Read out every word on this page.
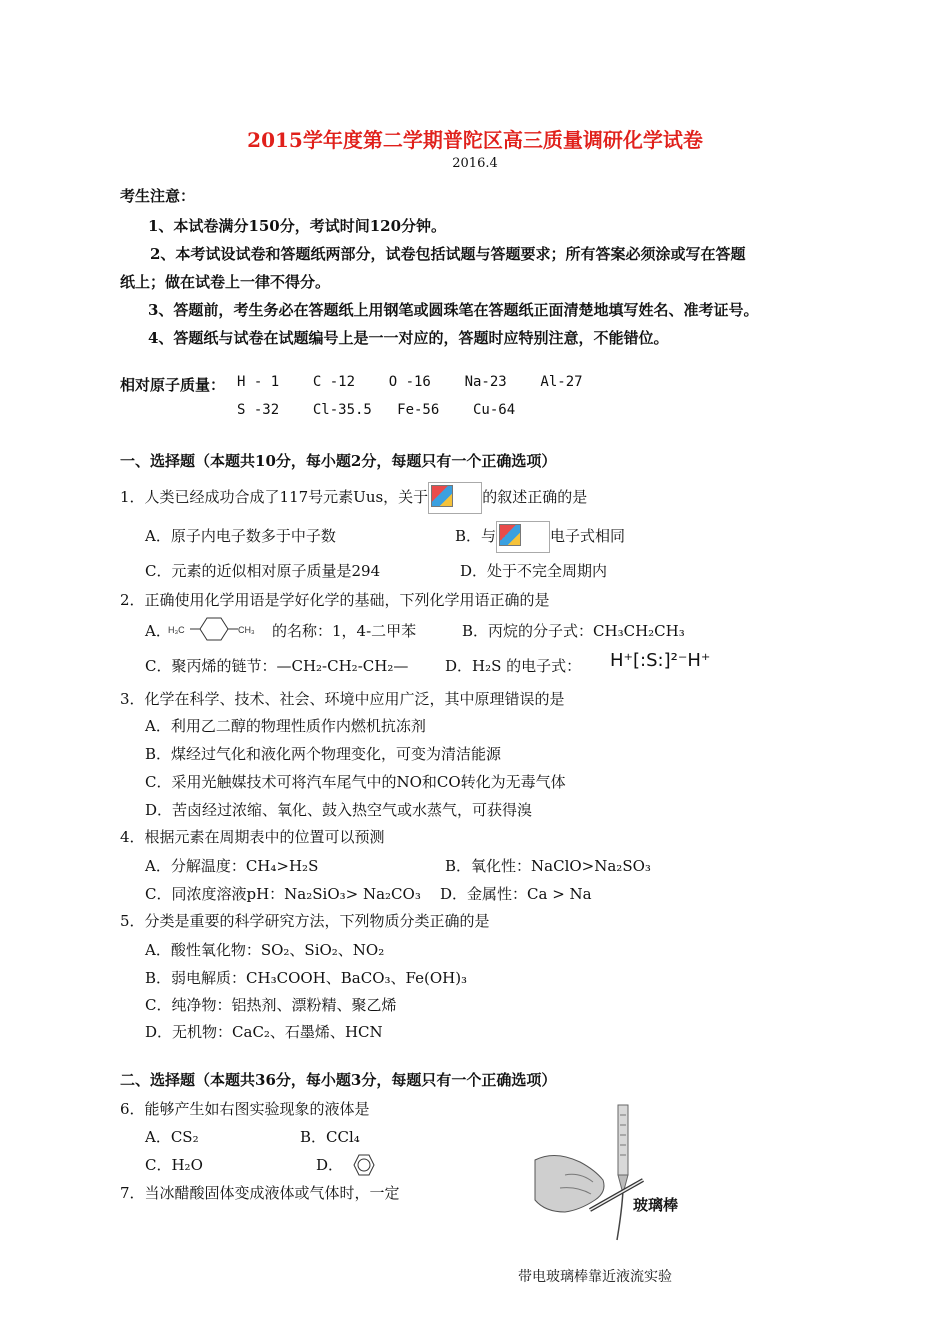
2015学年度第二学期普陀区高三质量调研化学试卷
2016.4
考生注意：
1、本试卷满分150分，考试时间120分钟。
2、本考试设试卷和答题纸两部分，试卷包括试题与答题要求；所有答案必须涂或写在答题
纸上；做在试卷上一律不得分。
3、答题前，考生务必在答题纸上用钢笔或圆珠笔在答题纸正面清楚地填写姓名、准考证号。
4、答题纸与试卷在试题编号上是一一对应的，答题时应特别注意，不能错位。
相对原子质量： H - 1    C -12    O -16    Na-23    Al-27
S -32    Cl-35.5   Fe-56    Cu-64
一、选择题（本题共10分，每小题2分，每题只有一个正确选项）
1．人类已经成功合成了117号元素Uus，关于	的叙述正确的是
A．原子内电子数多于中子数	B．与	电子式相同
C．元素的近似相对原子质量是294	D．处于不完全周期内
2．正确使用化学用语是学好化学的基础，下列化学用语正确的是
A．
H₃C	CH₃ 的名称：1，4-二甲苯	B．丙烷的分子式：CH₃CH₂CH₃
C．聚丙烯的链节：—CH₂-CH₂-CH₂— D．H₂S 的电子式： H⁺[:S:]²⁻H⁺
3．化学在科学、技术、社会、环境中应用广泛，其中原理错误的是
A．利用乙二醇的物理性质作内燃机抗冻剂
B．煤经过气化和液化两个物理变化，可变为清洁能源
C．采用光触媒技术可将汽车尾气中的NO和CO转化为无毒气体
D．苦卤经过浓缩、氧化、鼓入热空气或水蒸气，可获得溴
4．根据元素在周期表中的位置可以预测
A．分解温度：CH₄>H₂S	B．氧化性：NaClO>Na₂SO₃
C．同浓度溶液pH：Na₂SiO₃> Na₂CO₃ D．金属性：Ca > Na
5．分类是重要的科学研究方法，下列物质分类正确的是
A．酸性氧化物：SO₂、SiO₂、NO₂
B．弱电解质：CH₃COOH、BaCO₃、Fe(OH)₃
C．纯净物：铝热剂、漂粉精、聚乙烯
D．无机物：CaC₂、石墨烯、HCN
二、选择题（本题共36分，每小题3分，每题只有一个正确选项）
6．能够产生如右图实验现象的液体是
A．CS₂	B．CCl₄
C．H₂O	D．
7．当冰醋酸固体变成液体或气体时，一定
玻璃棒
带电玻璃棒靠近液流实验
